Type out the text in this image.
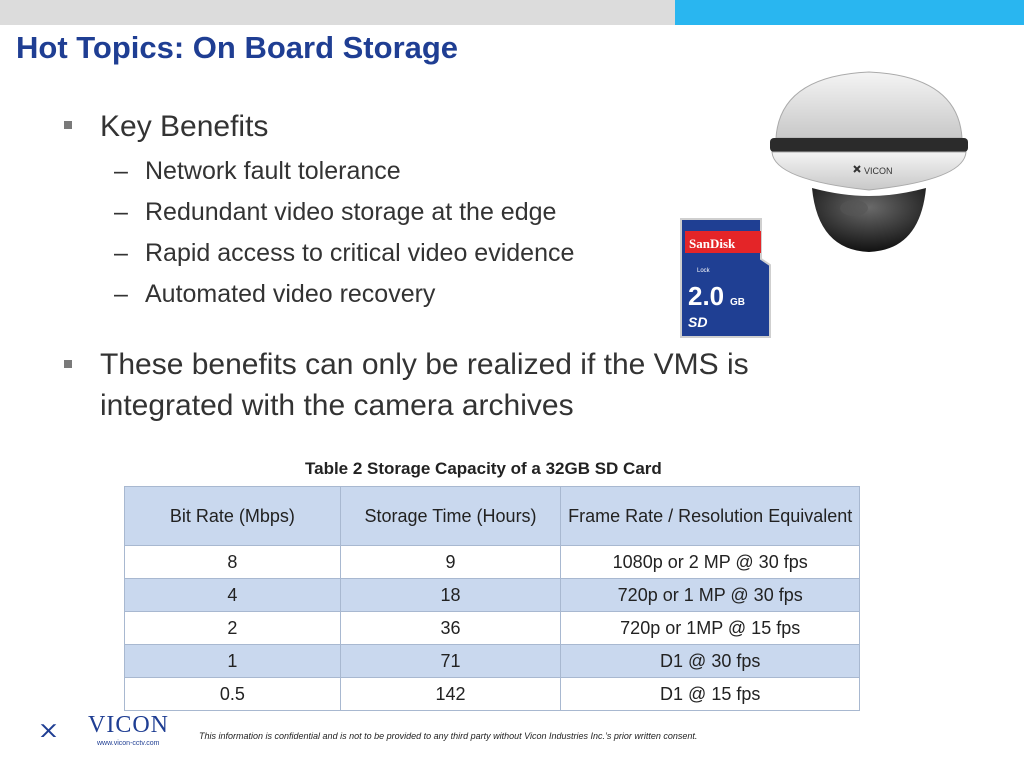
Hot Topics: On Board Storage
Key Benefits
– Network fault tolerance
– Redundant video storage at the edge
– Rapid access to critical video evidence
– Automated video recovery
These benefits can only be realized if the VMS is integrated with the camera archives
VICON
SanDisk
Lock
2.0 GB
SD
Table 2 Storage Capacity of a 32GB SD Card
Bit Rate (Mbps)	Storage Time (Hours)	Frame Rate / Resolution Equivalent
8	9	1080p or 2 MP @ 30 fps
4	18	720p or 1 MP @ 30 fps
2	36	720p or 1MP @ 15 fps
1	71	D1 @ 30 fps
0.5	142	D1 @ 15 fps
VICON
www.vicon-cctv.com
This information is confidential and is not to be provided to any third party without Vicon Industries Inc.’s prior written consent.
